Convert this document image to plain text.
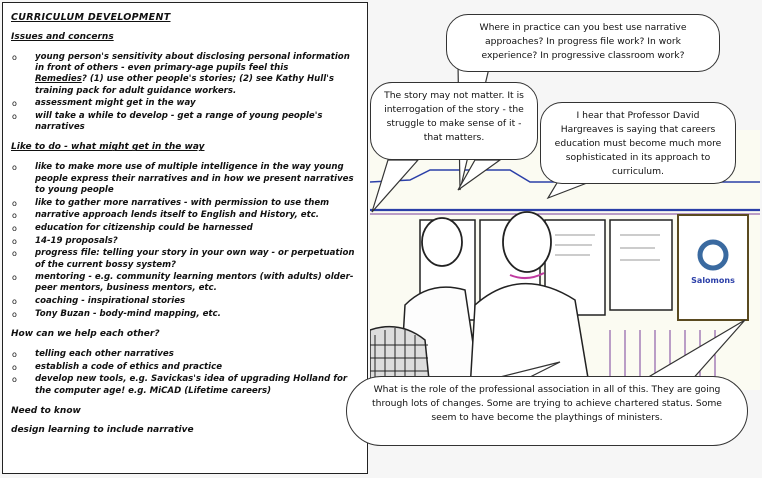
CURRICULUM DEVELOPMENT
Issues and concerns
o young person's sensitivity about disclosing personal information in front of others - even primary-age pupils feel this
Remedies? (1) use other people's stories; (2) see Kathy Hull's training pack for adult guidance workers.
o assessment might get in the way
o will take a while to develop - get a range of young people's narratives
Like to do - what might get in the way
o like to make more use of multiple intelligence in the way young people express their narratives and in how we present narratives to young people
o like to gather more narratives - with permission to use them
o narrative approach lends itself to English and History, etc.
o education for citizenship could be harnessed
o 14-19 proposals?
o progress file: telling your story in your own way - or perpetuation of the current bossy system?
o mentoring - e.g. community learning mentors (with adults) older-peer mentors, business mentors, etc.
o coaching - inspirational stories
o Tony Buzan - body-mind mapping, etc.
How can we help each other?
o telling each other narratives
o establish a code of ethics and practice
o develop new tools, e.g. Savickas's idea of upgrading Holland for the computer age! e.g. MiCAD (Lifetime careers)
Need to know
design learning to include narrative
Salomons

Where in practice can you best use narrative approaches? In progress file work? In work experience? In progressive classroom work?

The story may not matter. It is interrogation of the story - the struggle to make sense of it - that matters.

I hear that Professor David Hargreaves is saying that careers education must become much more sophisticated in its approach to curriculum.

What is the role of the professional association in all of this. They are going through lots of changes. Some are trying to achieve chartered status. Some seem to have become the playthings of ministers.
